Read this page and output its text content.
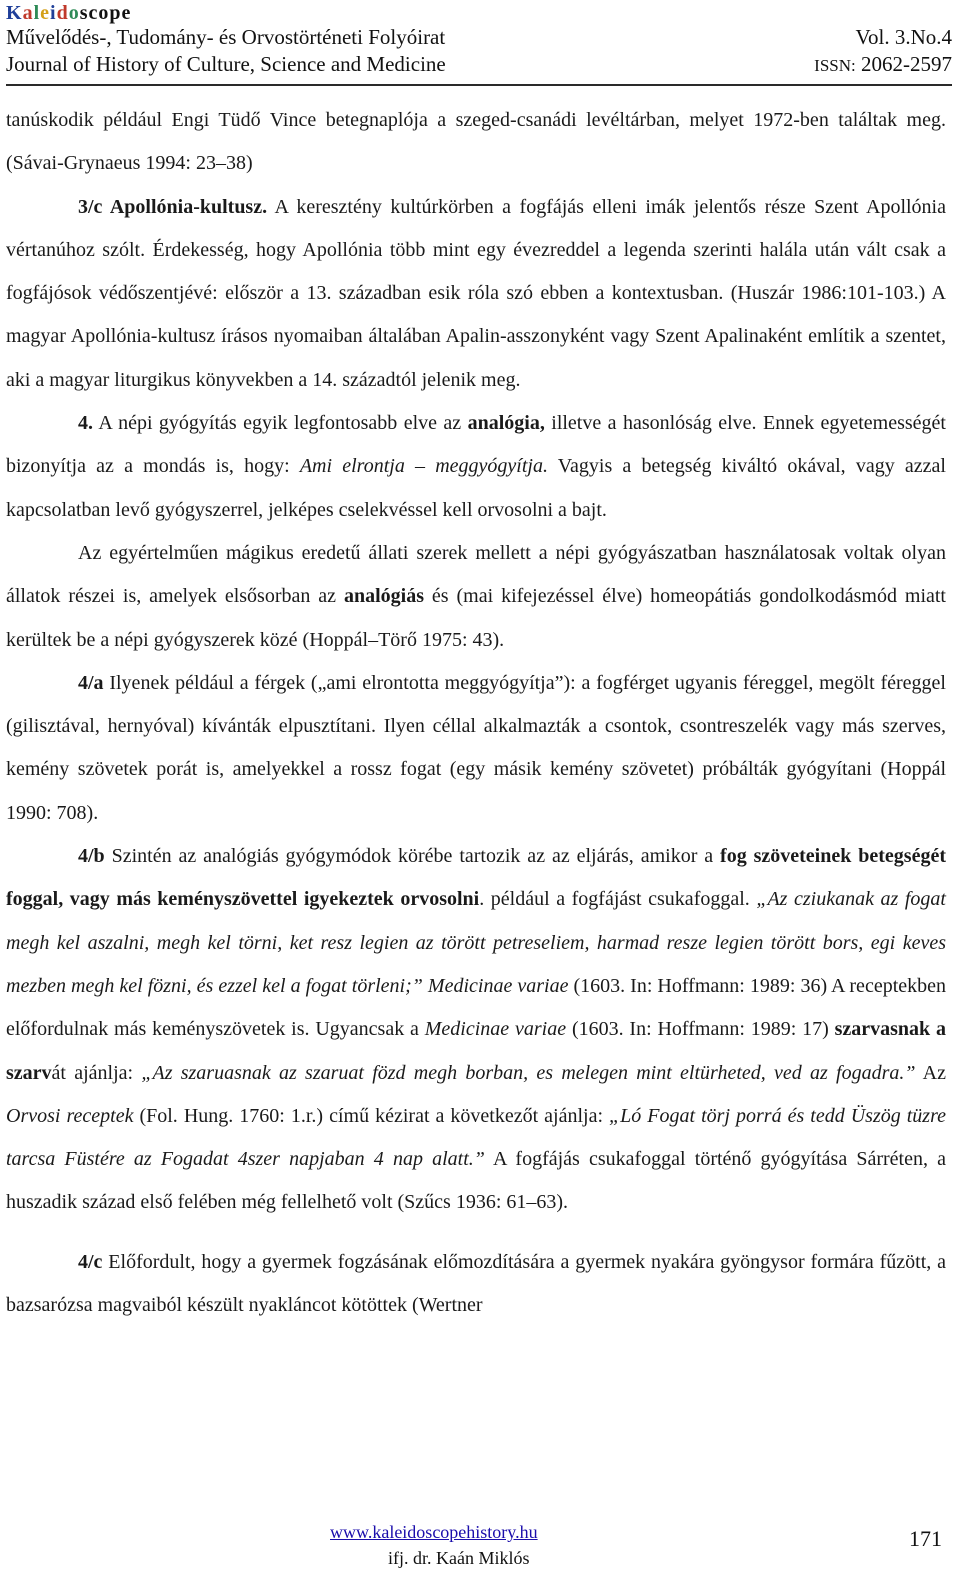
Kaleidoscope
Művelődés-, Tudomány- és Orvostörténeti Folyóirat	Vol. 3.No.4
Journal of History of Culture, Science and Medicine	ISSN: 2062-2597

tanúskodik például Engi Tüdő Vince betegnaplója a szeged-csanádi levéltárban, melyet 1972-ben találtak meg. (Sávai-Grynaeus 1994: 23–38)

3/c Apollónia-kultusz. A keresztény kultúrkörben a fogfájás elleni imák jelentős része Szent Apollónia vértanúhoz szólt. Érdekesség, hogy Apollónia több mint egy évezreddel a legenda szerinti halála után vált csak a fogfájósok védőszentjévé: először a 13. században esik róla szó ebben a kontextusban. (Huszár 1986:101-103.) A magyar Apollónia-kultusz írásos nyomaiban általában Apalin-asszonyként vagy Szent Apalinaként említik a szentet, aki a magyar liturgikus könyvekben a 14. századtól jelenik meg.

4. A népi gyógyítás egyik legfontosabb elve az analógia, illetve a hasonlóság elve. Ennek egyetemességét bizonyítja az a mondás is, hogy: Ami elrontja – meggyógyítja. Vagyis a betegség kiváltó okával, vagy azzal kapcsolatban levő gyógyszerrel, jelképes cselekvéssel kell orvosolni a bajt.

Az egyértelműen mágikus eredetű állati szerek mellett a népi gyógyászatban használatosak voltak olyan állatok részei is, amelyek elsősorban az analógiás és (mai kifejezéssel élve) homeopátiás gondolkodásmód miatt kerültek be a népi gyógyszerek közé (Hoppál–Törő 1975: 43).

4/a Ilyenek például a férgek („ami elrontotta meggyógyítja”): a fogférget ugyanis féreggel, megölt féreggel (gilisztával, hernyóval) kívánták elpusztítani. Ilyen céllal alkalmazták a csontok, csontreszelék vagy más szerves, kemény szövetek porát is, amelyekkel a rossz fogat (egy másik kemény szövetet) próbálták gyógyítani (Hoppál 1990: 708).

4/b Szintén az analógiás gyógymódok körébe tartozik az az eljárás, amikor a fog szöveteinek betegségét foggal, vagy más keményszövettel igyekeztek orvosolni. például a fogfájást csukafoggal. „Az cziukanak az fogat megh kel aszalni, megh kel törni, ket resz legien az törött petreseliem, harmad resze legien törött bors, egi keves mezben megh kel fözni, és ezzel kel a fogat törleni;” Medicinae variae (1603. In: Hoffmann: 1989: 36) A receptekben előfordulnak más keményszövetek is. Ugyancsak a Medicinae variae (1603. In: Hoffmann: 1989: 17) szarvasnak a szarvát ajánlja: „Az szaruasnak az szaruat fözd megh borban, es melegen mint eltürheted, ved az fogadra.” Az Orvosi receptek (Fol. Hung. 1760: 1.r.) című kézirat a következőt ajánlja: „Ló Fogat törj porrá és tedd Üszög tüzre tarcsa Füstére az Fogadat 4szer napjaban 4 nap alatt.” A fogfájás csukafoggal történő gyógyítása Sárréten, a huszadik század első felében még fellelhető volt (Szűcs 1936: 61–63).

4/c Előfordult, hogy a gyermek fogzásának előmozdítására a gyermek nyakára gyöngysor formára fűzött, a bazsarózsa magvaiból készült nyakláncot kötöttek (Wertner

www.kaleidoscopehistory.hu
ifj. dr. Kaán Miklós
171
